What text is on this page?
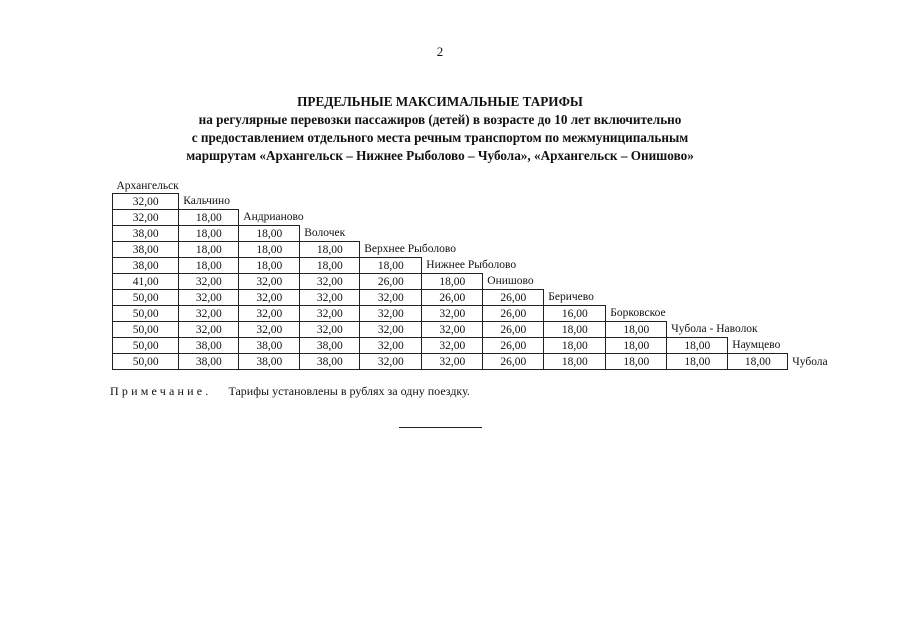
2
ПРЕДЕЛЬНЫЕ МАКСИМАЛЬНЫЕ ТАРИФЫ
на регулярные перевозки пассажиров (детей) в возрасте до 10 лет включительно
с предоставлением отдельного места речным транспортом по межмуниципальным
маршрутам «Архангельск – Нижнее Рыболово – Чубола», «Архангельск – Онишово»
Архангельск											
32,00	Кальчино										
32,00	18,00	Андрианово									
38,00	18,00	18,00	Волочек								
38,00	18,00	18,00	18,00	Верхнее Рыболово							
38,00	18,00	18,00	18,00	18,00	Нижнее Рыболово						
41,00	32,00	32,00	32,00	26,00	18,00	Онишово					
50,00	32,00	32,00	32,00	32,00	26,00	26,00	Беричево				
50,00	32,00	32,00	32,00	32,00	32,00	26,00	16,00	Борковское			
50,00	32,00	32,00	32,00	32,00	32,00	26,00	18,00	18,00	Чубола - Наволок		
50,00	38,00	38,00	38,00	32,00	32,00	26,00	18,00	18,00	18,00	Наумцево	
50,00	38,00	38,00	38,00	32,00	32,00	26,00	18,00	18,00	18,00	18,00	Чубола
Примечание. Тарифы установлены в рублях за одну поездку.
